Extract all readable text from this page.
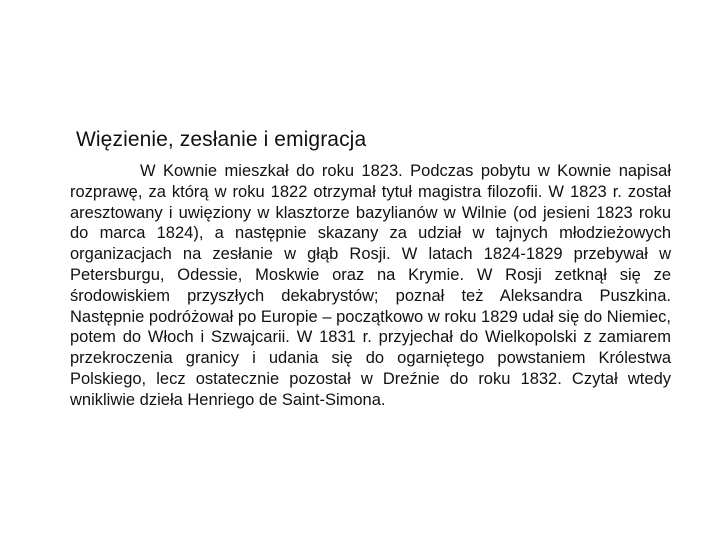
Więzienie, zesłanie i emigracja

W Kownie mieszkał do roku 1823. Podczas pobytu w Kownie napisał rozprawę, za którą w roku 1822 otrzymał tytuł magistra filozofii. W 1823 r. został aresztowany i uwięziony w klasztorze bazylianów w Wilnie (od jesieni 1823 roku do marca 1824), a następnie skazany za udział w tajnych młodzieżowych organizacjach na zesłanie w głąb Rosji. W latach 1824-1829 przebywał w Petersburgu, Odessie, Moskwie oraz na Krymie. W Rosji zetknął się ze środowiskiem przyszłych dekabrystów; poznał też Aleksandra Puszkina. Następnie podróżował po Europie – początkowo w roku 1829 udał się do Niemiec, potem do Włoch i Szwajcarii. W 1831 r. przyjechał do Wielkopolski z zamiarem przekroczenia granicy i udania się do ogarniętego powstaniem Królestwa Polskiego, lecz ostatecznie pozostał w Dreźnie do roku 1832. Czytał wtedy wnikliwie dzieła Henriego de Saint-Simona.
